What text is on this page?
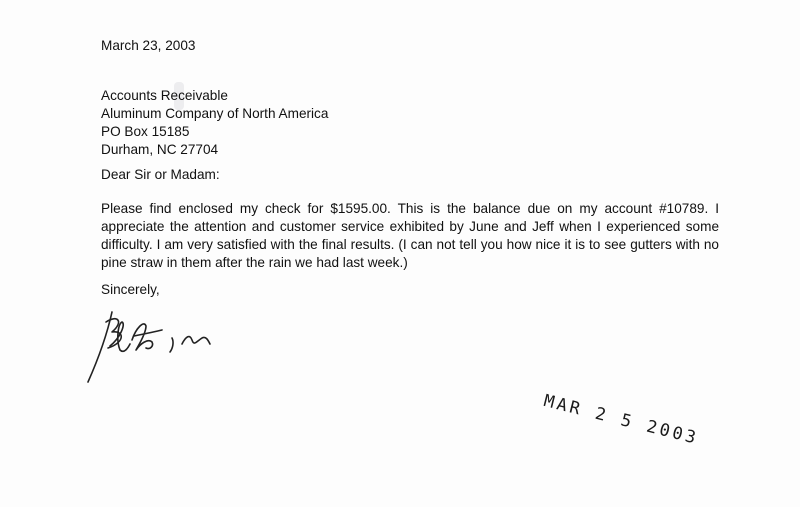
March 23, 2003
Accounts Receivable
Aluminum Company of North America
PO Box 15185
Durham, NC 27704
Dear Sir or Madam:
Please find enclosed my check for $1595.00. This is the balance due on my account #10789. I appreciate the attention and customer service exhibited by June and Jeff when I experienced some difficulty. I am very satisfied with the final results. (I can not tell you how nice it is to see gutters with no pine straw in them after the rain we had last week.)
Sincerely,
MAR 2 5 2003
